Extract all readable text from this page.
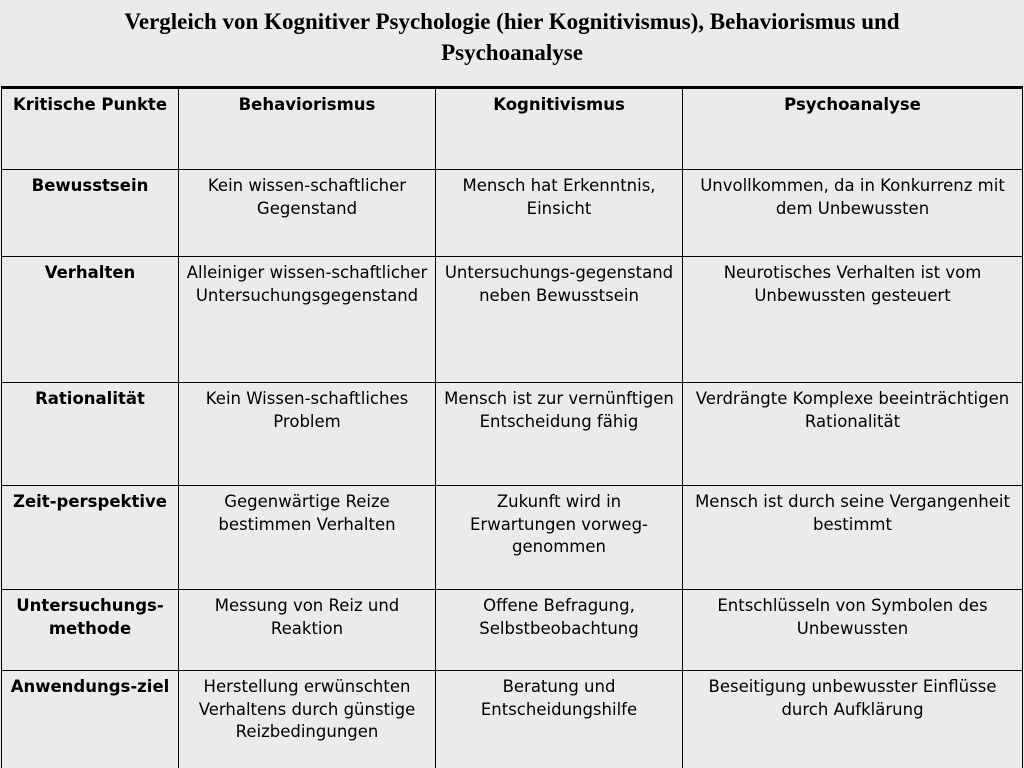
Vergleich von Kognitiver Psychologie (hier Kognitivismus), Behaviorismus und
Psychoanalyse
Kritische Punkte	Behaviorismus	Kognitivismus	Psychoanalyse
Bewusstsein	Kein wissen-schaftlicher Gegenstand	Mensch hat Erkenntnis, Einsicht	Unvollkommen, da in Konkurrenz mit dem Unbewussten

Verhalten	Alleiniger wissen-schaftlicher Untersuchungsgegenstand	Untersuchungs-gegenstand neben Bewusstsein	Neurotisches Verhalten ist vom Unbewussten gesteuert

Rationalität	Kein Wissen-schaftliches Problem	Mensch ist zur vernünftigen Entscheidung fähig	Verdrängte Komplexe beeinträchtigen Rationalität

Zeit-perspektive	Gegenwärtige Reize bestimmen Verhalten	Zukunft wird in Erwartungen vorweg-genommen	Mensch ist durch seine Vergangenheit bestimmt

Untersuchungs-methode	Messung von Reiz und Reaktion	Offene Befragung, Selbstbeobachtung	Entschlüsseln von Symbolen des Unbewussten

Anwendungs-ziel	Herstellung erwünschten Verhaltens durch günstige Reizbedingungen	Beratung und Entscheidungshilfe	Beseitigung unbewusster Einflüsse durch Aufklärung
